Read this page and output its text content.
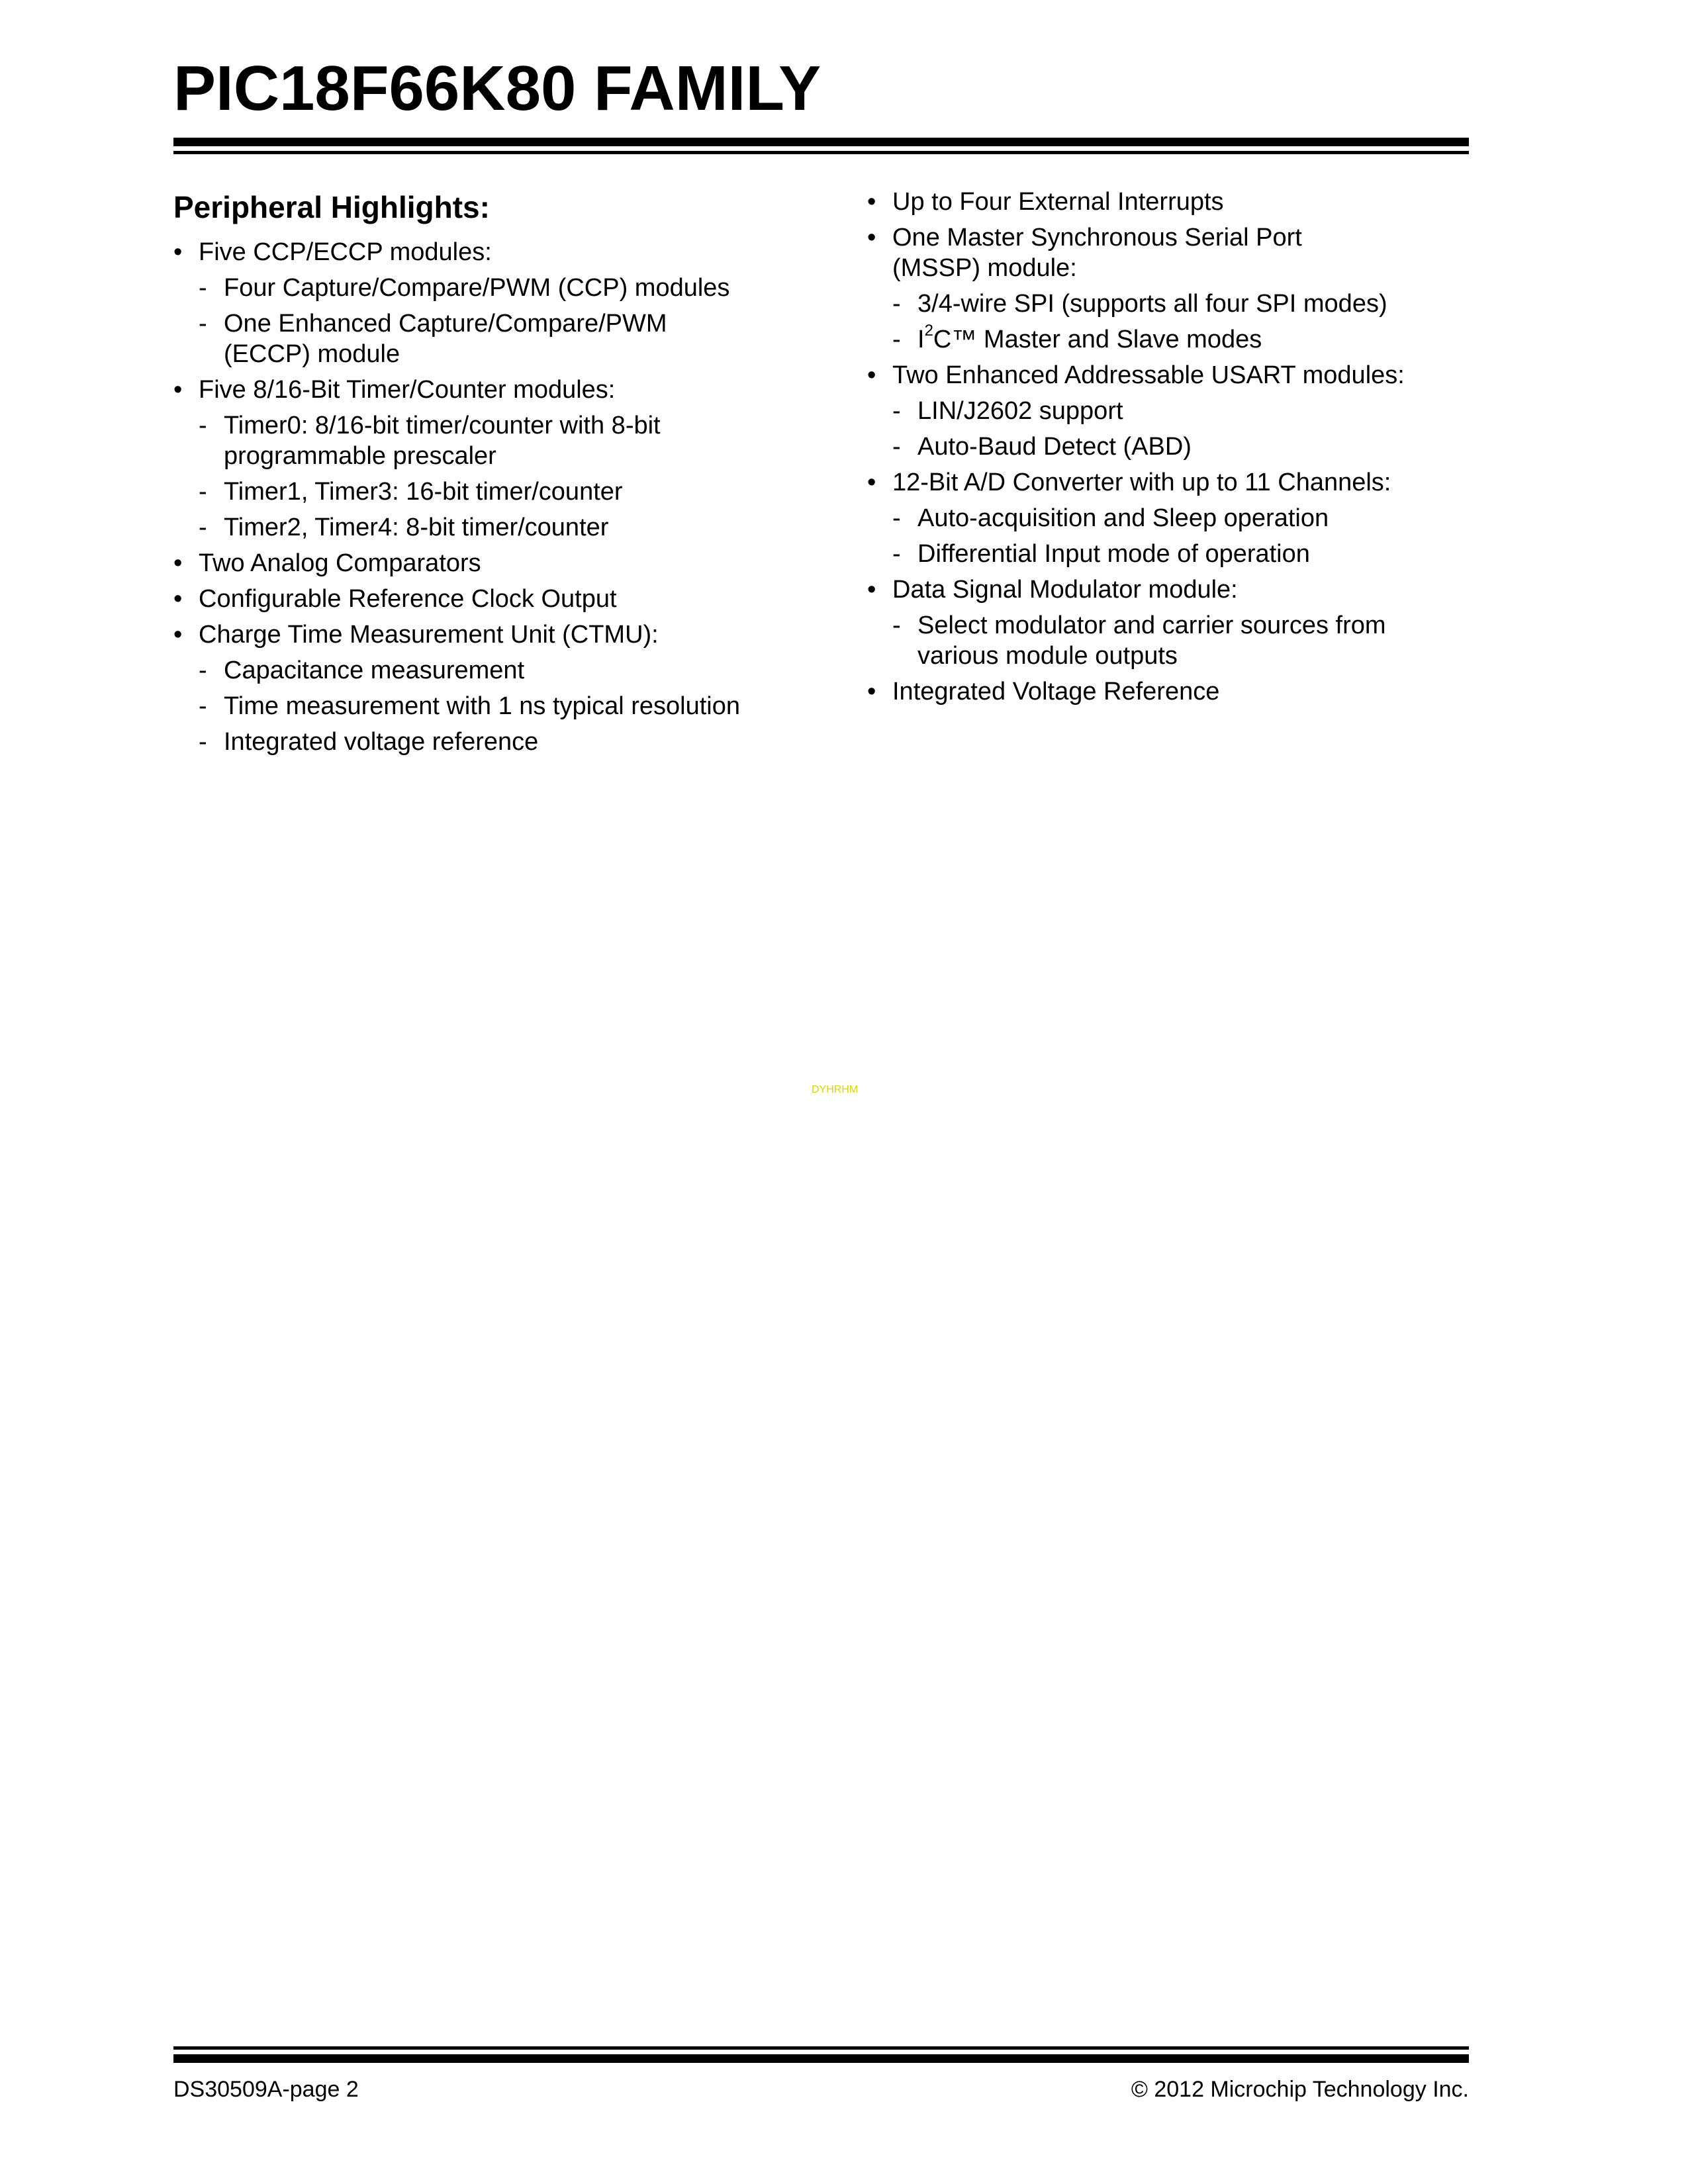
PIC18F66K80 FAMILY
Peripheral Highlights:
• Five CCP/ECCP modules:
- Four Capture/Compare/PWM (CCP) modules
- One Enhanced Capture/Compare/PWM (ECCP) module
• Five 8/16-Bit Timer/Counter modules:
- Timer0: 8/16-bit timer/counter with 8-bit programmable prescaler
- Timer1, Timer3: 16-bit timer/counter
- Timer2, Timer4: 8-bit timer/counter
• Two Analog Comparators
• Configurable Reference Clock Output
• Charge Time Measurement Unit (CTMU):
- Capacitance measurement
- Time measurement with 1 ns typical resolution
- Integrated voltage reference
• Up to Four External Interrupts
• One Master Synchronous Serial Port (MSSP) module:
- 3/4-wire SPI (supports all four SPI modes)
- $I^2C™$ Master and Slave modes
• Two Enhanced Addressable USART modules:
- LIN/J2602 support
- Auto-Baud Detect (ABD)
• 12-Bit A/D Converter with up to 11 Channels:
- Auto-acquisition and Sleep operation
- Differential Input mode of operation
• Data Signal Modulator module:
- Select modulator and carrier sources from various module outputs
• Integrated Voltage Reference
DYHRHM
DS30509A-page 2	© 2012 Microchip Technology Inc.
